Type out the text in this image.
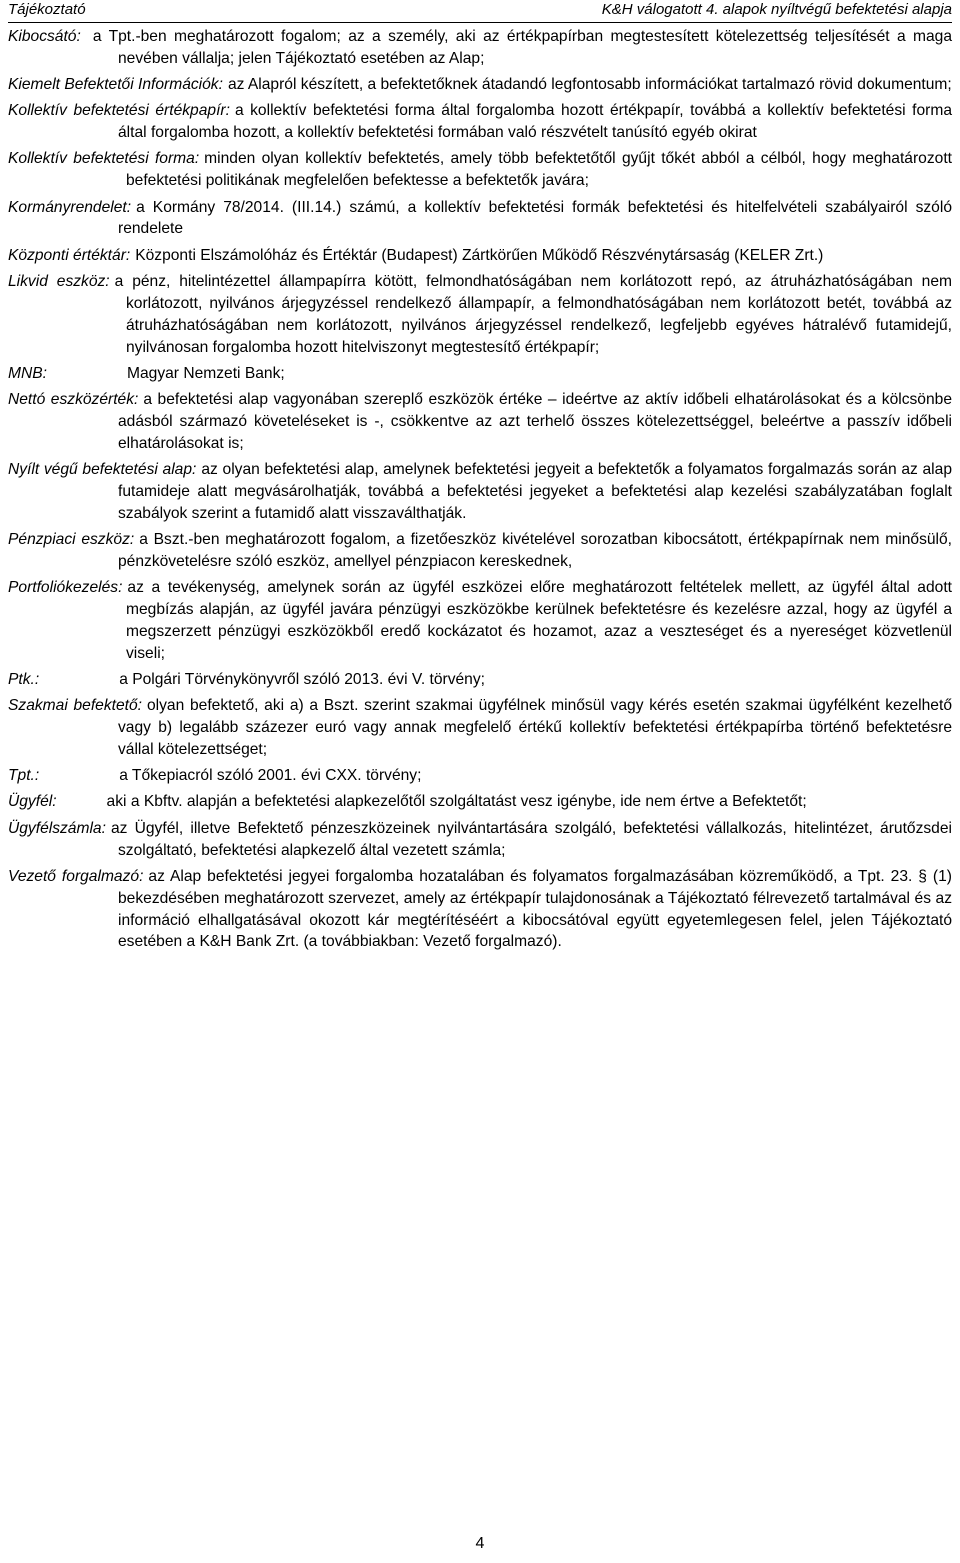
Tájékoztató	K&H válogatott 4. alapok nyíltvégű befektetési alapja

Kibocsátó: a Tpt.-ben meghatározott fogalom; az a személy, aki az értékpapírban megtestesített kötelezettség teljesítését a maga nevében vállalja; jelen Tájékoztató esetében az Alap;

Kiemelt Befektetői Információk: az Alapról készített, a befektetőknek átadandó legfontosabb információkat tartalmazó rövid dokumentum;

Kollektív befektetési értékpapír: a kollektív befektetési forma által forgalomba hozott értékpapír, továbbá a kollektív befektetési forma által forgalomba hozott, a kollektív befektetési formában való részvételt tanúsító egyéb okirat

Kollektív befektetési forma: minden olyan kollektív befektetés, amely több befektetőtől gyűjt tőkét abból a célból, hogy meghatározott befektetési politikának megfelelően befektesse a befektetők javára;

Kormányrendelet: a Kormány 78/2014. (III.14.) számú, a kollektív befektetési formák befektetési és hitelfelvételi szabályairól szóló rendelete

Központi értéktár: Központi Elszámolóház és Értéktár (Budapest) Zártkörűen Működő Részvénytársaság (KELER Zrt.)

Likvid eszköz: a pénz, hitelintézettel állampapírra kötött, felmondhatóságában nem korlátozott repó, az átruházhatóságában nem korlátozott, nyilvános árjegyzéssel rendelkező állampapír, a felmondhatóságában nem korlátozott betét, továbbá az átruházhatóságában nem korlátozott, nyilvános árjegyzéssel rendelkező, legfeljebb egyéves hátralévő futamidejű, nyilvánosan forgalomba hozott hitelviszonyt megtestesítő értékpapír;

MNB:	Magyar Nemzeti Bank;

Nettó eszközérték: a befektetési alap vagyonában szereplő eszközök értéke – ideértve az aktív időbeli elhatárolásokat és a kölcsönbe adásból származó követeléseket is -, csökkentve az azt terhelő összes kötelezettséggel, beleértve a passzív időbeli elhatárolásokat is;

Nyílt végű befektetési alap: az olyan befektetési alap, amelynek befektetési jegyeit a befektetők a folyamatos forgalmazás során az alap futamideje alatt megvásárolhatják, továbbá a befektetési jegyeket a befektetési alap kezelési szabályzatában foglalt szabályok szerint a futamidő alatt visszaválthatják.

Pénzpiaci eszköz: a Bszt.-ben meghatározott fogalom, a fizetőeszköz kivételével sorozatban kibocsátott, értékpapírnak nem minősülő, pénzkövetelésre szóló eszköz, amellyel pénzpiacon kereskednek,

Portfoliókezelés: az a tevékenység, amelynek során az ügyfél eszközei előre meghatározott feltételek mellett, az ügyfél által adott megbízás alapján, az ügyfél javára pénzügyi eszközökbe kerülnek befektetésre és kezelésre azzal, hogy az ügyfél a megszerzett pénzügyi eszközökből eredő kockázatot és hozamot, azaz a veszteséget és a nyereséget közvetlenül viseli;

Ptk.:	a Polgári Törvénykönyvről szóló 2013. évi V. törvény;

Szakmai befektető: olyan befektető, aki a) a Bszt. szerint szakmai ügyfélnek minősül vagy kérés esetén szakmai ügyfélként kezelhető vagy b) legalább százezer euró vagy annak megfelelő értékű kollektív befektetési értékpapírba történő befektetésre vállal kötelezettséget;

Tpt.:	a Tőkepiacról szóló 2001. évi CXX. törvény;

Ügyfél:	aki a Kbftv. alapján a befektetési alapkezelőtől szolgáltatást vesz igénybe, ide nem értve a Befektetőt;

Ügyfélszámla: az Ügyfél, illetve Befektető pénzeszközeinek nyilvántartására szolgáló, befektetési vállalkozás, hitelintézet, árutőzsdei szolgáltató, befektetési alapkezelő által vezetett számla;

Vezető forgalmazó: az Alap befektetési jegyei forgalomba hozatalában és folyamatos forgalmazásában közreműködő, a Tpt. 23. § (1) bekezdésében meghatározott szervezet, amely az értékpapír tulajdonosának a Tájékoztató félrevezető tartalmával és az információ elhallgatásával okozott kár megtérítéséért a kibocsátóval együtt egyetemlegesen felel, jelen Tájékoztató esetében a K&H Bank Zrt. (a továbbiakban: Vezető forgalmazó).

4
